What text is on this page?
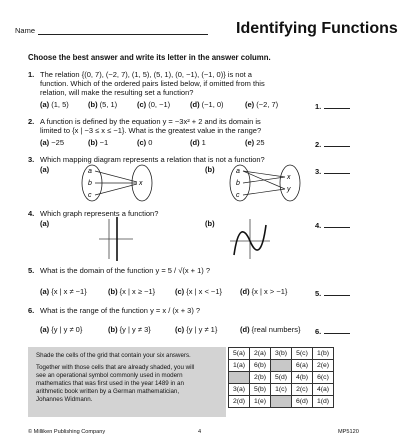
Name	Identifying Functions
Choose the best answer and write its letter in the answer column.
1. The relation {(0, 7), (−2, 7), (1, 5), (5, 1), (0, −1), (−1, 0)} is not a
function. Which of the ordered pairs listed below, if omitted from this
relation, will make the resulting set a function?
(a) (1, 5)	(b) (5, 1)	(c) (0, −1)	(d) (−1, 0)	(e) (−2, 7)	1.
2. A function is defined by the equation y = −3x² + 2 and its domain is
limited to {x | −3 ≤ x ≤ −1}. What is the greatest value in the range?
(a) −25	(b) −1	(c) 0	(d) 1	(e) 25	2.
3. Which mapping diagram represents a relation that is not a function?
(a)	(b)	3.
a
b
c
x
a
b
c
x
y
4. Which graph represents a function?
(a)	(b)	4.
5. What is the domain of the function y = 5 / √(x + 1) ?
(a) {x | x ≠ −1}	(b) {x | x ≥ −1}	(c) {x | x < −1} (d) {x | x > −1}	5.
6. What is the range of the function y = x / (x + 3) ?
(a) {y | y ≠ 0}	(b) {y | y ≠ 3}	(c) {y | y ≠ 1}	(d) {real numbers} 6.
Shade the cells of the grid that contain your six answers.
Together with those cells that are already shaded, you will
see an operational symbol commonly used in modern
mathematics that was first used in the year 1489 in an
arithmetic book written by a German mathematician,
Johannes Widmann.
5(a)	2(a)	3(b)	5(c)	1(b)
1(a)	6(b)		6(a)	2(e)
	2(b)	5(d)	4(b)	6(c)
3(a)	5(b)	1(c)	2(c)	4(a)
2(d)	1(e)		6(d)	1(d)
© Milliken Publishing Company	4	MP5120
